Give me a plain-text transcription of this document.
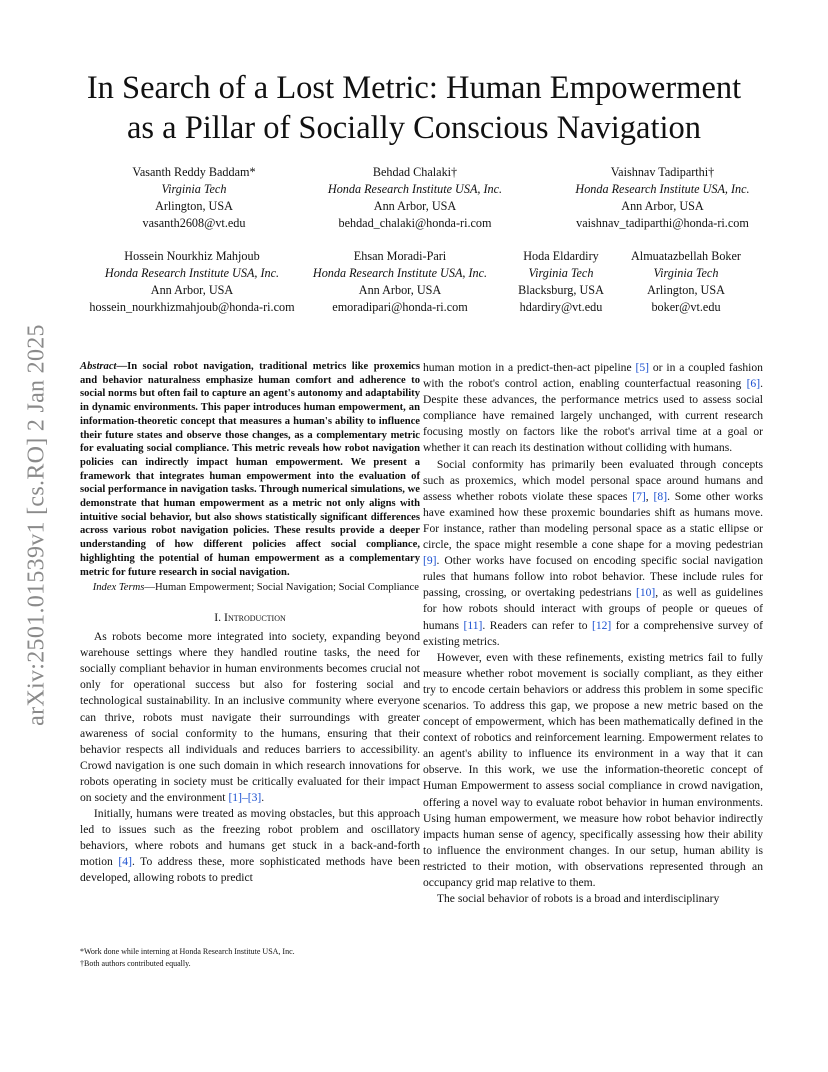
arXiv:2501.01539v1 [cs.RO] 2 Jan 2025
In Search of a Lost Metric: Human Empowerment
as a Pillar of Socially Conscious Navigation
Vasanth Reddy Baddam*
Virginia Tech
Arlington, USA
vasanth2608@vt.edu
Behdad Chalaki†
Honda Research Institute USA, Inc.
Ann Arbor, USA
behdad_chalaki@honda-ri.com
Vaishnav Tadiparthi†
Honda Research Institute USA, Inc.
Ann Arbor, USA
vaishnav_tadiparthi@honda-ri.com
Hossein Nourkhiz Mahjoub
Honda Research Institute USA, Inc.
Ann Arbor, USA
hossein_nourkhizmahjoub@honda-ri.com
Ehsan Moradi-Pari
Honda Research Institute USA, Inc.
Ann Arbor, USA
emoradipari@honda-ri.com
Hoda Eldardiry
Virginia Tech
Blacksburg, USA
hdardiry@vt.edu
Almuatazbellah Boker
Virginia Tech
Arlington, USA
boker@vt.edu

Abstract—In social robot navigation, traditional metrics like proxemics and behavior naturalness emphasize human comfort and adherence to social norms but often fail to capture an agent's autonomy and adaptability in dynamic environments. This paper introduces human empowerment, an information-theoretic concept that measures a human's ability to influence their future states and observe those changes, as a complementary metric for evaluating social compliance. This metric reveals how robot navigation policies can indirectly impact human empowerment. We present a framework that integrates human empowerment into the evaluation of social performance in navigation tasks. Through numerical simulations, we demonstrate that human empowerment as a metric not only aligns with intuitive social behavior, but also shows statistically significant differences across various robot navigation policies. These results provide a deeper understanding of how different policies affect social compliance, highlighting the potential of human empowerment as a complementary metric for future research in social navigation.

Index Terms—Human Empowerment; Social Navigation; Social Compliance

I. Introduction

As robots become more integrated into society, expanding beyond warehouse settings where they handled routine tasks, the need for socially compliant behavior in human environments becomes crucial not only for operational success but also for fostering social and technological sustainability. In an inclusive community where everyone can thrive, robots must navigate their surroundings with greater awareness of social conformity to the humans, ensuring that their behavior respects all individuals and reduces barriers to accessibility. Crowd navigation is one such domain in which research innovations for robots operating in society must be critically evaluated for their impact on society and the environment [1]–[3].

Initially, humans were treated as moving obstacles, but this approach led to issues such as the freezing robot problem and oscillatory behaviors, where robots and humans get stuck in a back-and-forth motion [4]. To address these, more sophisticated methods have been developed, allowing robots to predict

human motion in a predict-then-act pipeline [5] or in a coupled fashion with the robot's control action, enabling counterfactual reasoning [6]. Despite these advances, the performance metrics used to assess social compliance have remained largely unchanged, with current research focusing mostly on factors like the robot's arrival time at a goal or whether it can reach its destination without colliding with humans.

Social conformity has primarily been evaluated through concepts such as proxemics, which model personal space around humans and assess whether robots violate these spaces [7], [8]. Some other works have examined how these proxemic boundaries shift as humans move. For instance, rather than modeling personal space as a static ellipse or circle, the space might resemble a cone shape for a moving pedestrian [9]. Other works have focused on encoding specific social navigation rules that humans follow into robot behavior. These include rules for passing, crossing, or overtaking pedestrians [10], as well as guidelines for how robots should interact with groups of people or queues of humans [11]. Readers can refer to [12] for a comprehensive survey of existing metrics.

However, even with these refinements, existing metrics fail to fully measure whether robot movement is socially compliant, as they either try to encode certain behaviors or address this problem in some specific scenarios. To address this gap, we propose a new metric based on the concept of empowerment, which has been mathematically defined in the context of robotics and reinforcement learning. Empowerment relates to an agent's ability to influence its environment in a way that it can observe. In this work, we use the information-theoretic concept of Human Empowerment to assess social compliance in crowd navigation, offering a novel way to evaluate robot behavior in human environments. Using human empowerment, we measure how robot behavior indirectly impacts human sense of agency, specifically assessing how their ability to influence the environment changes. In our setup, human ability is restricted to their motion, with observations represented through an occupancy grid map relative to them.

The social behavior of robots is a broad and interdisciplinary

*Work done while interning at Honda Research Institute USA, Inc.
†Both authors contributed equally.
